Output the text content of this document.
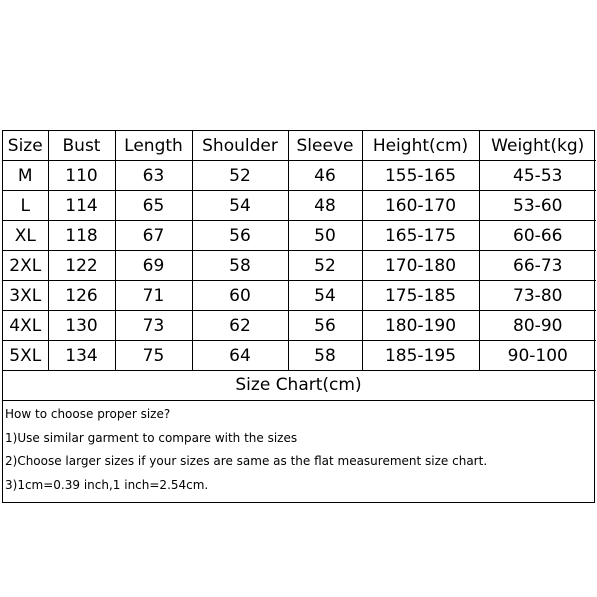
Size	Bust	Length	Shoulder	Sleeve	Height(cm)	Weight(kg)
M	110	63	52	46	155-165	45-53
L	114	65	54	48	160-170	53-60
XL	118	67	56	50	165-175	60-66
2XL	122	69	58	52	170-180	66-73
3XL	126	71	60	54	175-185	73-80
4XL	130	73	62	56	180-190	80-90
5XL	134	75	64	58	185-195	90-100
Size Chart(cm)
How to choose proper size?
1)Use similar garment to compare with the sizes
2)Choose larger sizes if your sizes are same as the flat measurement size chart.
3)1cm=0.39 inch,1 inch=2.54cm.
